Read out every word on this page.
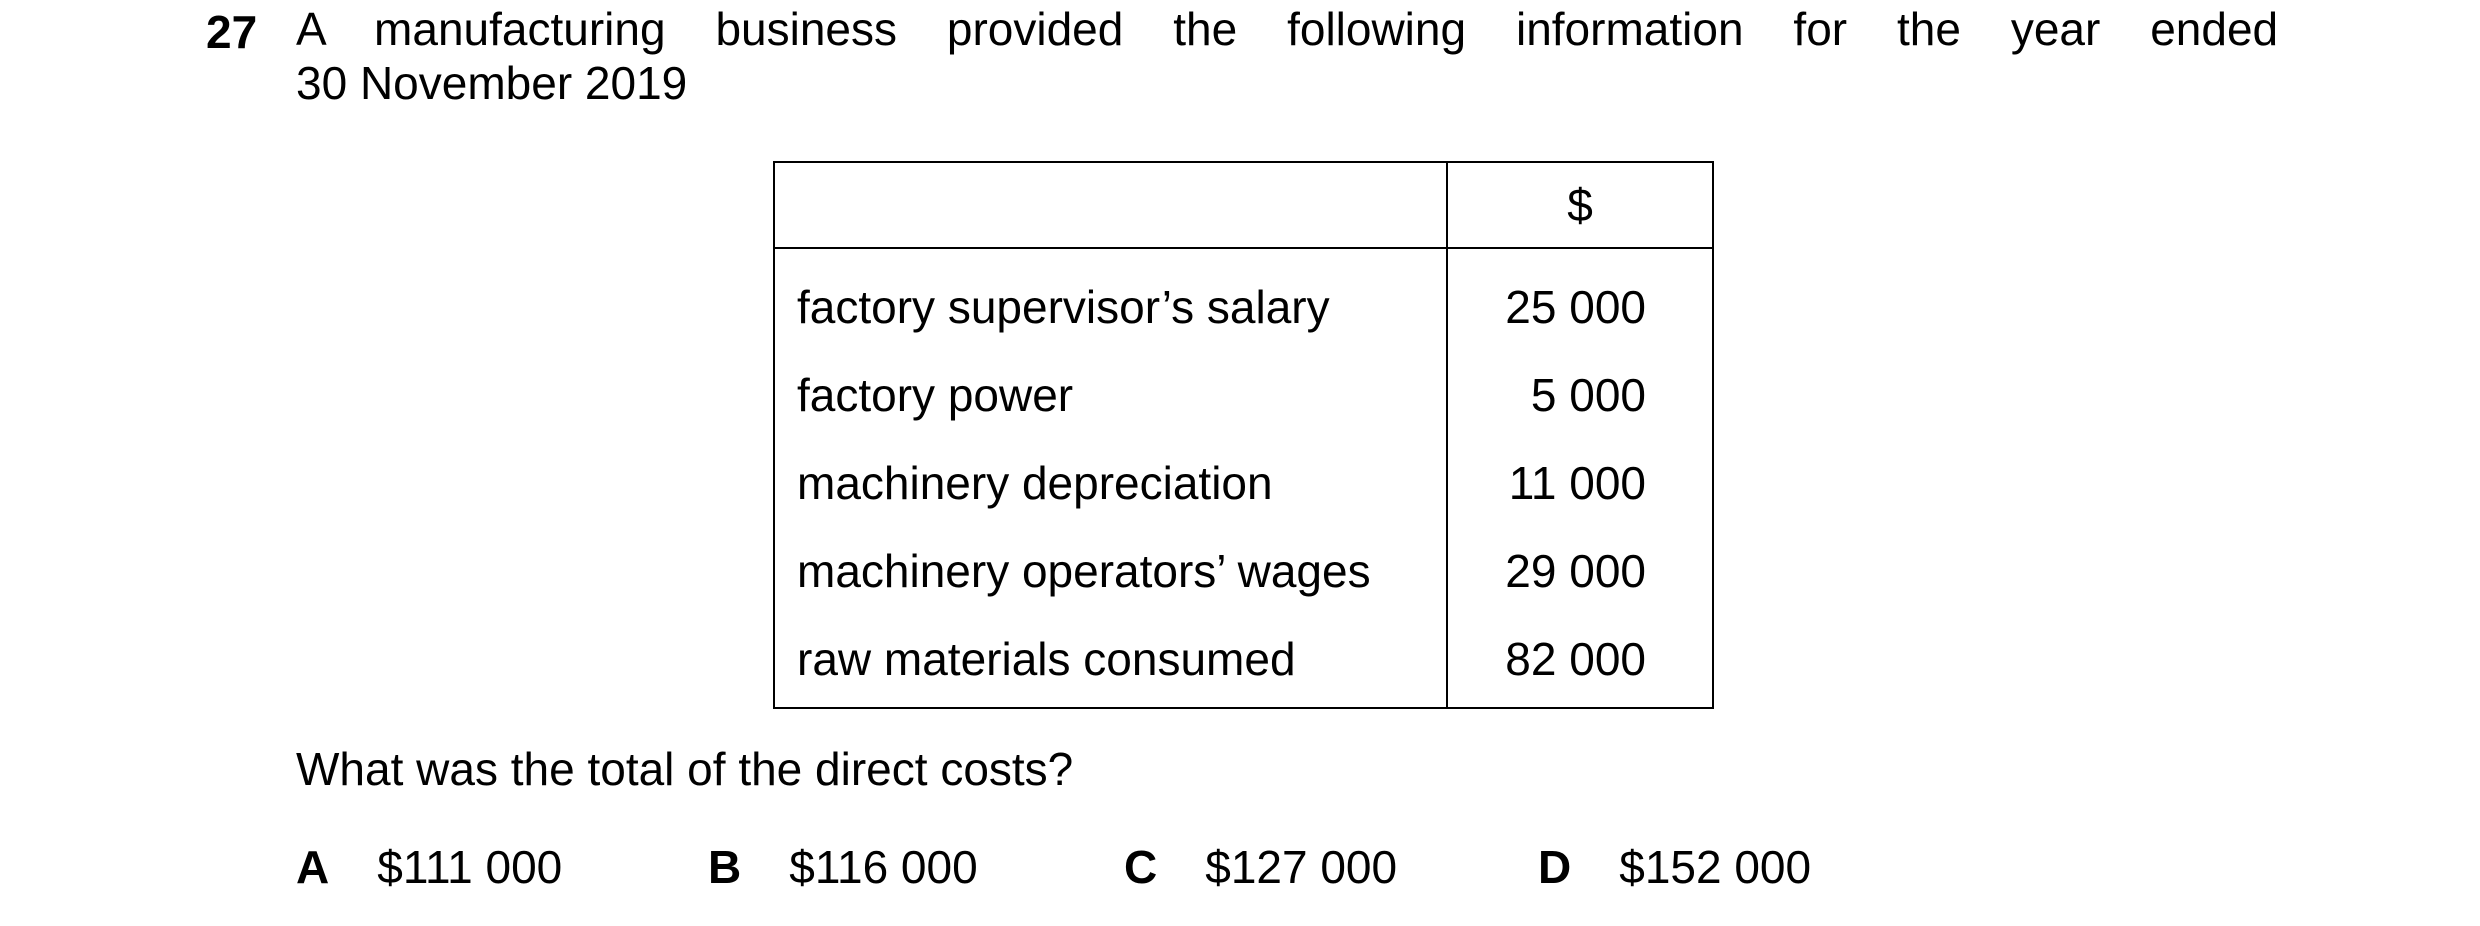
27 A manufacturing business provided the following information for the year ended
30 November 2019
	$
factory supervisor’s salary	25 000
factory power	5 000
machinery depreciation	11 000
machinery operators’ wages	29 000
raw materials consumed	82 000
What was the total of the direct costs?
A $111 000	B $116 000	C $127 000	D $152 000
